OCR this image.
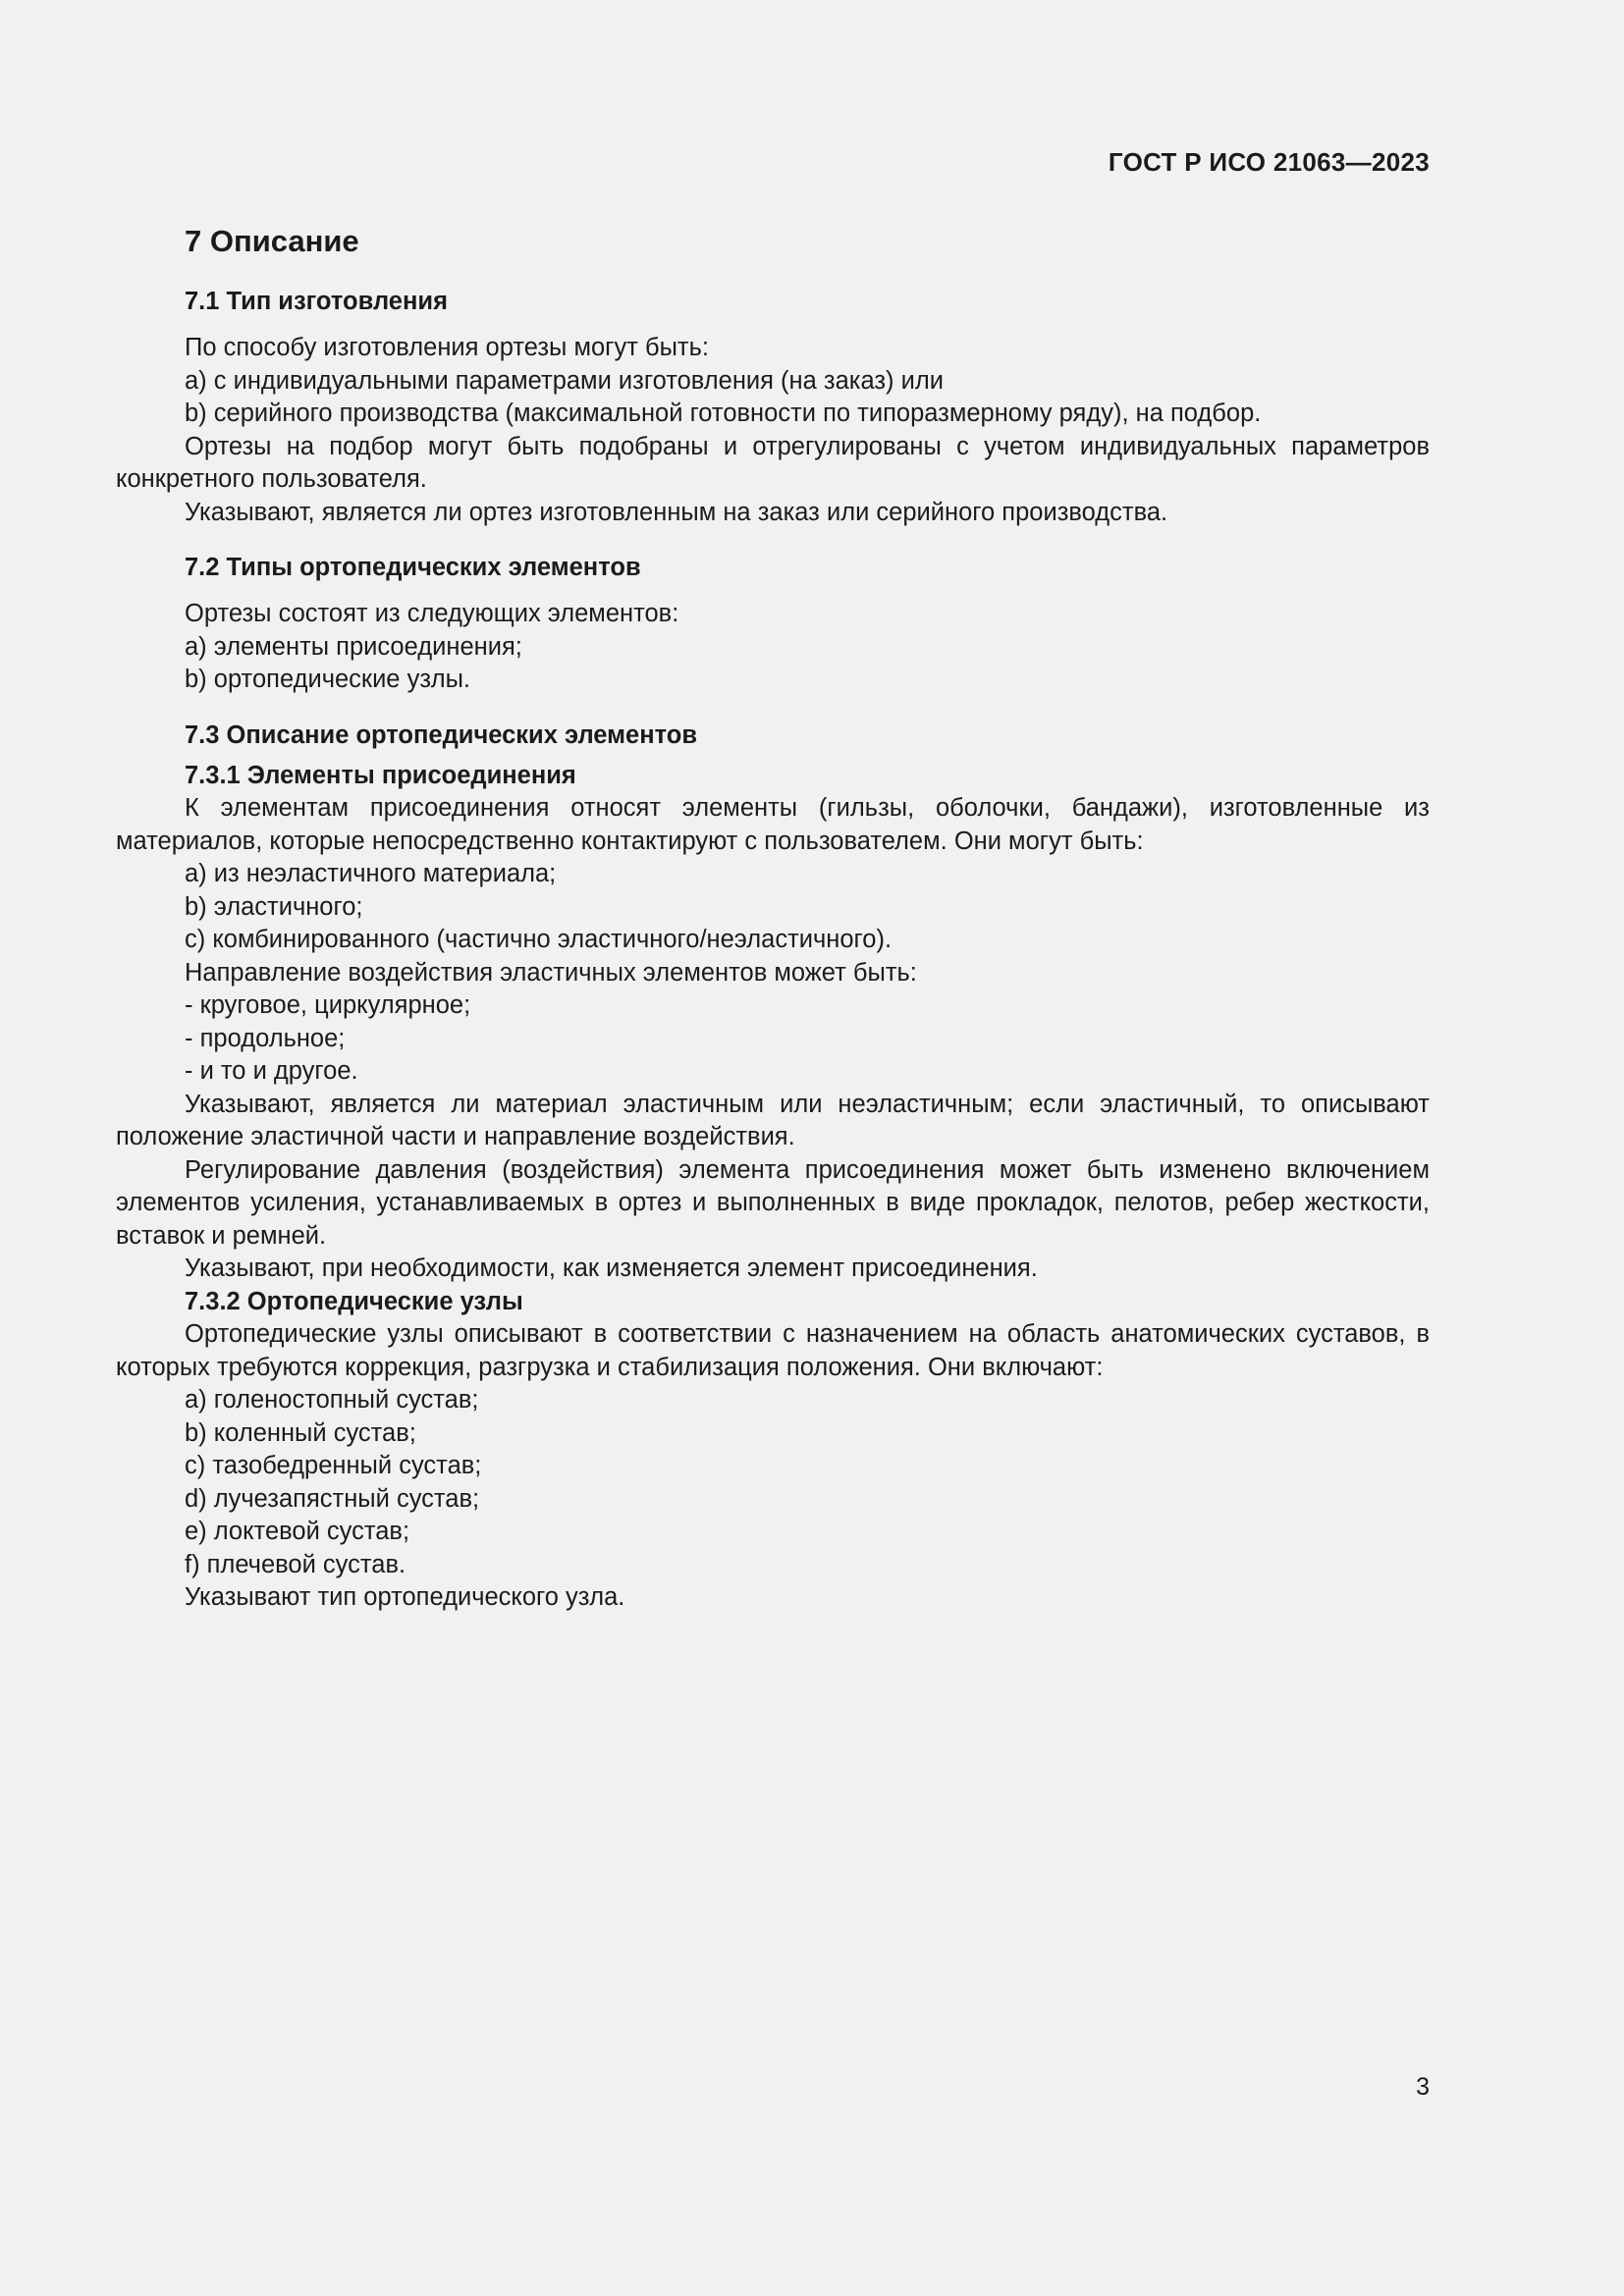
ГОСТ Р ИСО 21063—2023
7 Описание
7.1 Тип изготовления
По способу изготовления ортезы могут быть:
a) с индивидуальными параметрами изготовления (на заказ) или
b) серийного производства (максимальной готовности по типоразмерному ряду), на подбор.

Ортезы на подбор могут быть подобраны и отрегулированы с учетом индивидуальных параметров конкретного пользователя.

Указывают, является ли ортез изготовленным на заказ или серийного производства.

7.2 Типы ортопедических элементов
Ортезы состоят из следующих элементов:
a) элементы присоединения;
b) ортопедические узлы.
7.3 Описание ортопедических элементов
7.3.1 Элементы присоединения

К элементам присоединения относят элементы (гильзы, оболочки, бандажи), изготовленные из материалов, которые непосредственно контактируют с пользователем. Они могут быть:

a) из неэластичного материала;
b) эластичного;
c) комбинированного (частично эластичного/неэластичного).
Направление воздействия эластичных элементов может быть:
- круговое, циркулярное;
- продольное;
- и то и другое.

Указывают, является ли материал эластичным или неэластичным; если эластичный, то описывают положение эластичной части и направление воздействия.

Регулирование давления (воздействия) элемента присоединения может быть изменено включением элементов усиления, устанавливаемых в ортез и выполненных в виде прокладок, пелотов, ребер жесткости, вставок и ремней.

Указывают, при необходимости, как изменяется элемент присоединения.

7.3.2 Ортопедические узлы

Ортопедические узлы описывают в соответствии с назначением на область анатомических суставов, в которых требуются коррекция, разгрузка и стабилизация положения. Они включают:

a) голеностопный сустав;
b) коленный сустав;
c) тазобедренный сустав;
d) лучезапястный сустав;
e) локтевой сустав;
f) плечевой сустав.
Указывают тип ортопедического узла.
3
